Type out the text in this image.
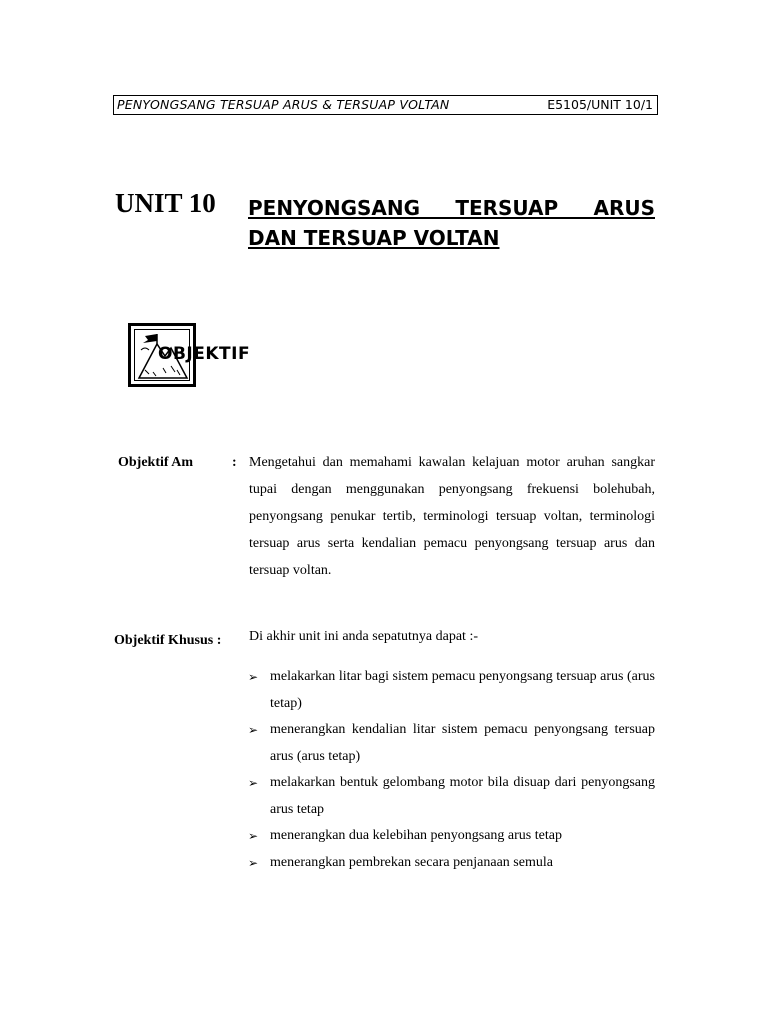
PENYONGSANG TERSUAP ARUS & TERSUAP VOLTAN	E5105/UNIT 10/1
UNIT 10 PENYONGSANG TERSUAP ARUS
DAN TERSUAP VOLTAN
OBJEKTIF
Objektif Am	: Mengetahui dan memahami kawalan kelajuan motor aruhan sangkar tupai dengan menggunakan penyongsang frekuensi bolehubah, penyongsang penukar tertib, terminologi tersuap voltan, terminologi tersuap arus serta kendalian pemacu penyongsang tersuap arus dan tersuap voltan.
Objektif Khusus : Di akhir unit ini anda sepatutnya dapat :-
➢ melakarkan litar bagi sistem pemacu penyongsang tersuap arus (arus tetap)
➢ menerangkan kendalian litar sistem pemacu penyongsang tersuap arus (arus tetap)
➢ melakarkan bentuk gelombang motor bila disuap dari penyongsang arus tetap
➢ menerangkan dua kelebihan penyongsang arus tetap
➢ menerangkan pembrekan secara penjanaan semula
